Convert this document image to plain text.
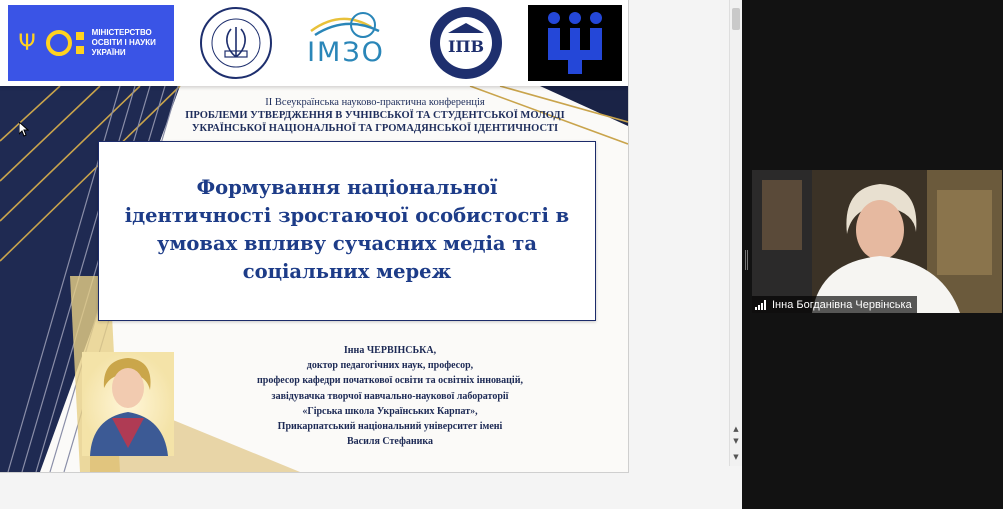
Ψ	МІНІСТЕРСТВО ОСВІТИ І НАУКИ УКРАЇНИ	ІМЗО	ІПВ
ІІ Всеукраїнська науково-практична конференція
ПРОБЛЕМИ УТВЕРДЖЕННЯ В УЧНІВСЬКОЇ ТА СТУДЕНТСЬКОЇ МОЛОДІ
УКРАЇНСЬКОЇ НАЦІОНАЛЬНОЇ ТА ГРОМАДЯНСЬКОЇ ІДЕНТИЧНОСТІ
Формування національної
ідентичності зростаючої особистості в
умовах впливу сучасних медіа та
соціальних мереж
Інна ЧЕРВІНСЬКА,
доктор педагогічних наук, професор,
професор кафедри початкової освіти та освітніх інновацій,
завідувачка творчої навчально-наукової лабораторії
«Гірська школа Українських Карпат»,
Прикарпатський національний університет імені
Василя Стефаника
▲
▼
▼
Інна Богданівна Червінська
